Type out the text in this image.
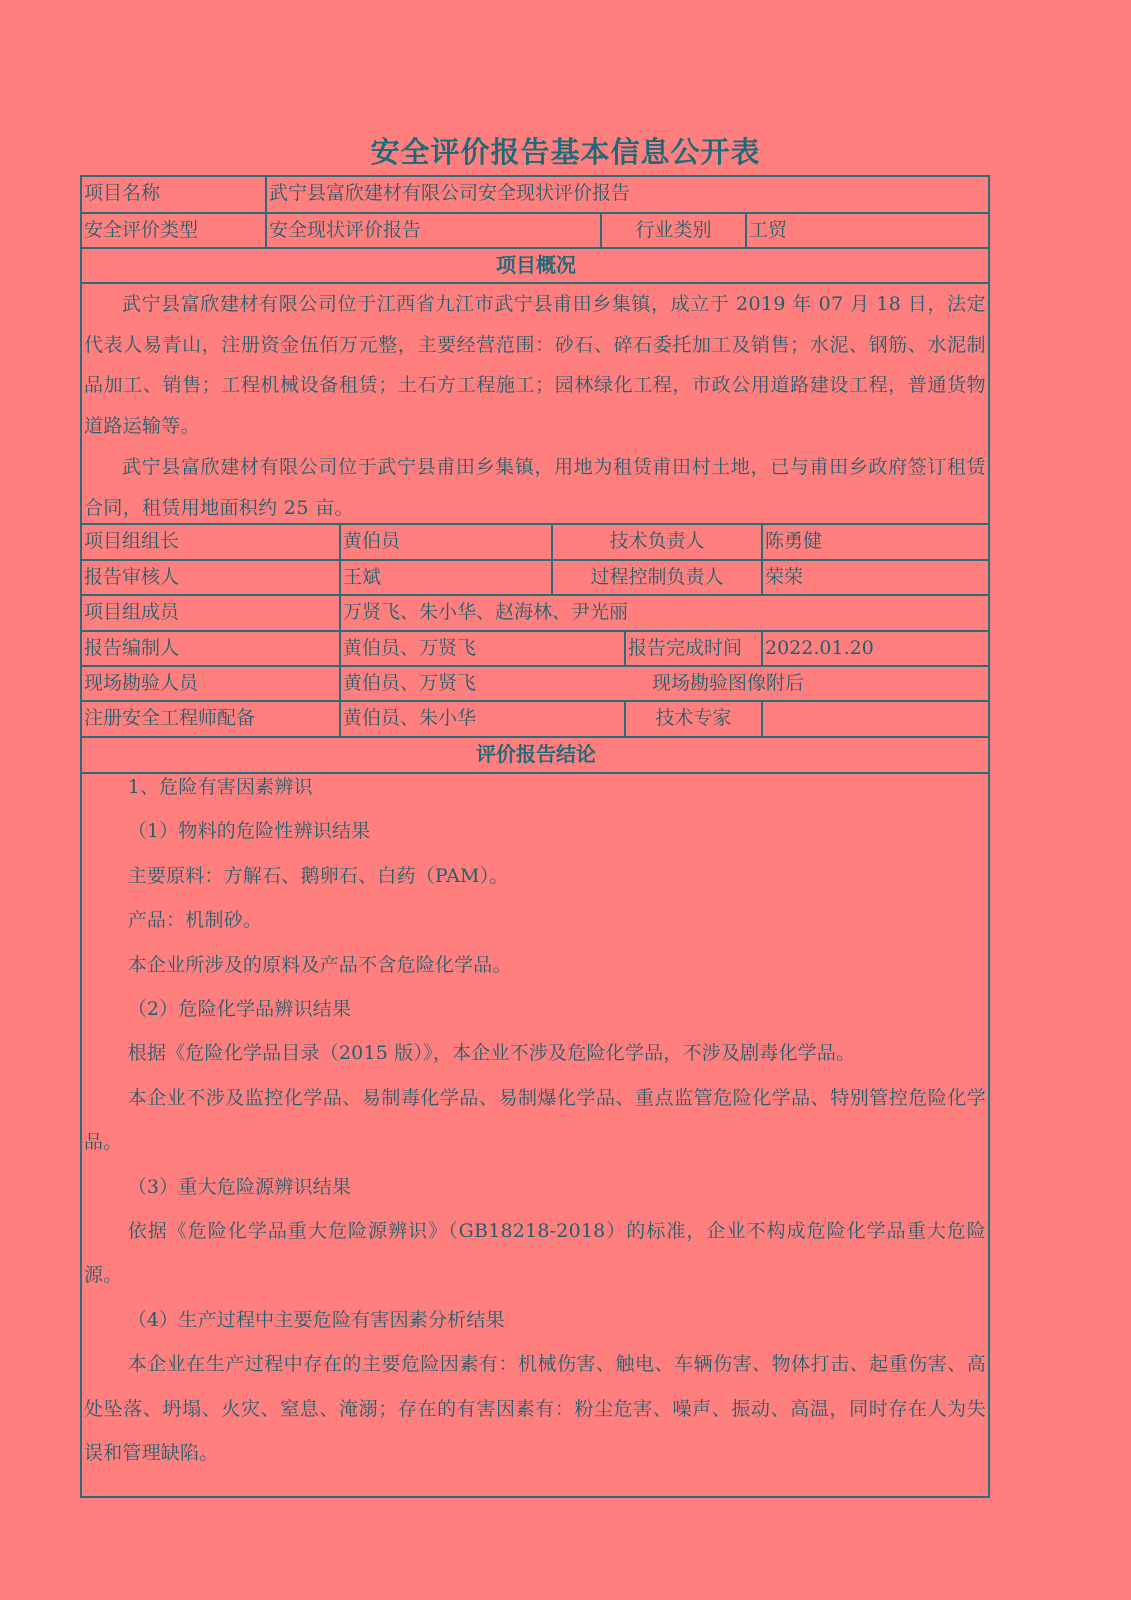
安全评价报告基本信息公开表
项目名称	武宁县富欣建材有限公司安全现状评价报告
安全评价类型	安全现状评价报告	行业类别	工贸
项目概况

武宁县富欣建材有限公司位于江西省九江市武宁县甫田乡集镇，成立于 2019 年 07 月 18 日，法定代表人易青山，注册资金伍佰万元整，主要经营范围：砂石、碎石委托加工及销售；水泥、钢筋、水泥制品加工、销售；工程机械设备租赁；土石方工程施工；园林绿化工程，市政公用道路建设工程，普通货物道路运输等。

武宁县富欣建材有限公司位于武宁县甫田乡集镇，用地为租赁甫田村土地，已与甫田乡政府签订租赁合同，租赁用地面积约 25 亩。

项目组组长	黄伯员	技术负责人	陈勇健
报告审核人	王斌	过程控制负责人	荣荣
项目组成员	万贤飞、朱小华、赵海林、尹光丽
报告编制人	黄伯员、万贤飞	报告完成时间	2022.01.20
现场勘验人员	黄伯员、万贤飞	现场勘验图像附后
注册安全工程师配备	黄伯员、朱小华	技术专家
评价报告结论

1、危险有害因素辨识

（1）物料的危险性辨识结果

主要原料：方解石、鹅卵石、白药（PAM）。

产品：机制砂。

本企业所涉及的原料及产品不含危险化学品。

（2）危险化学品辨识结果

根据《危险化学品目录（2015 版）》，本企业不涉及危险化学品，不涉及剧毒化学品。

本企业不涉及监控化学品、易制毒化学品、易制爆化学品、重点监管危险化学品、特别管控危险化学品。

（3）重大危险源辨识结果

依据《危险化学品重大危险源辨识》（GB18218-2018）的标准，企业不构成危险化学品重大危险源。

（4）生产过程中主要危险有害因素分析结果

本企业在生产过程中存在的主要危险因素有：机械伤害、触电、车辆伤害、物体打击、起重伤害、高处坠落、坍塌、火灾、窒息、淹溺；存在的有害因素有：粉尘危害、噪声、振动、高温，同时存在人为失误和管理缺陷。
